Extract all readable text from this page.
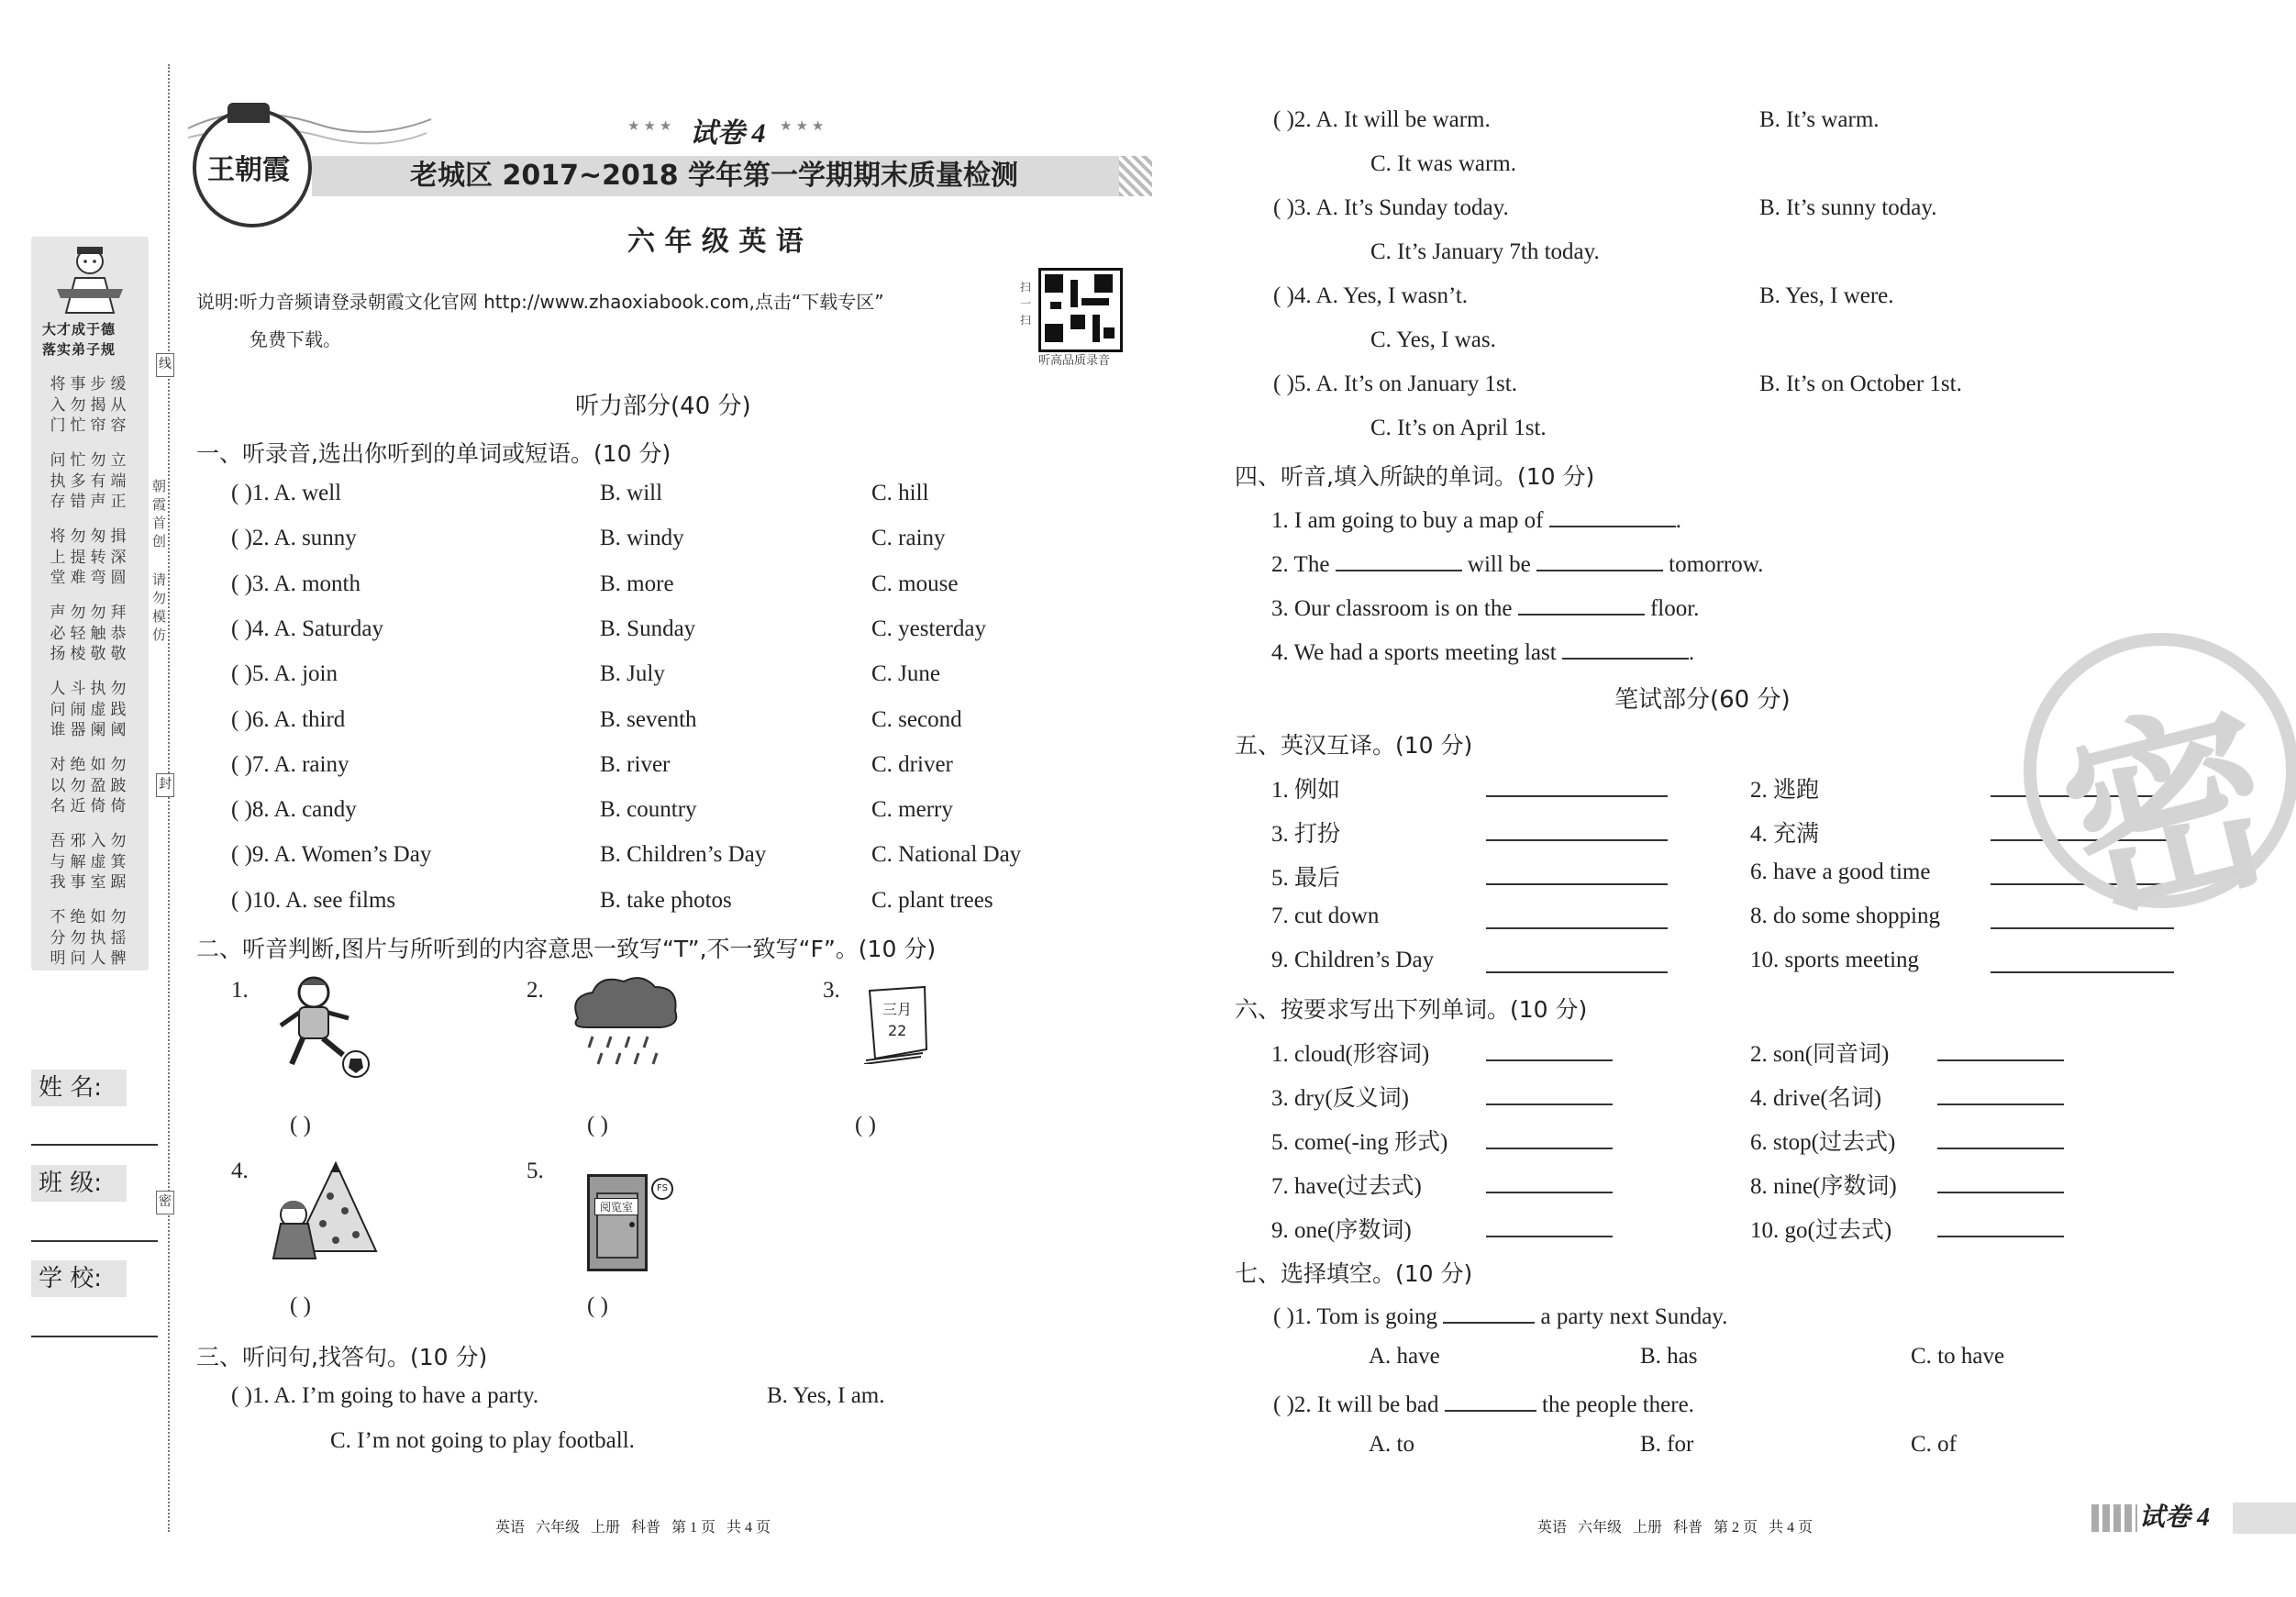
大才成于德
落实弟子规
将入门
事勿忙
步揭帘
缓从容
问执存
忙多错
勿有声
立端正
将上堂
勿提难
匆转弯
揖深圆
声必扬
勿轻棱
勿触敬
拜恭敬
人问谁
斗闹器
执虚阑
勿践阈
对以名
绝勿近
如盈倚
勿跛倚
吾与我
邪解事
入虚室
勿箕踞
不分明
绝勿问
如执人
勿揺髀
朝霞首创
请勿模仿
线
封
密
姓 名:
班 级:
学 校:
王朝霞
★★★ 试卷 4 ★★★
老城区 2017~2018 学年第一学期期末质量检测
六 年 级 英 语
说明:听力音频请登录朝霞文化官网 http://www.zhaoxiabook.com,点击“下载专区”
免费下载。
扫一扫
听高品质录音
听力部分(40 分)
一、听录音,选出你听到的单词或短语。(10 分)
( )1. A. well	B. will	C. hill
( )2. A. sunny	B. windy	C. rainy
( )3. A. month	B. more	C. mouse
( )4. A. Saturday	B. Sunday	C. yesterday
( )5. A. join	B. July	C. June
( )6. A. third	B. seventh	C. second
( )7. A. rainy	B. river	C. driver
( )8. A. candy	B. country	C. merry
( )9. A. Women’s Day	B. Children’s Day	C. National Day
( )10. A. see films	B. take photos	C. plant trees
二、听音判断,图片与所听到的内容意思一致写“T”,不一致写“F”。(10 分)
1.
( )
2.
( )
3.
三月
22
( )
4.
( )
5.
阅览室
FS
( )
三、听问句,找答句。(10 分)
( )1. A. I’m going to have a party.	B. Yes, I am.
C. I’m not going to play football.
英语   六年级   上册   科普   第 1 页   共 4 页
( )2. A. It will be warm.	B. It’s warm.
C. It was warm.
( )3. A. It’s Sunday today.	B. It’s sunny today.
C. It’s January 7th today.
( )4. A. Yes, I wasn’t.	B. Yes, I were.
C. Yes, I was.
( )5. A. It’s on January 1st.	B. It’s on October 1st.
C. It’s on April 1st.
四、听音,填入所缺的单词。(10 分)
1. I am going to buy a map of	.
2. The	will be	tomorrow.
3. Our classroom is on the	floor.
4. We had a sports meeting last	.
笔试部分(60 分)
五、英汉互译。(10 分)
1. 例如	2. 逃跑
3. 打扮	4. 充满
5. 最后	6. have a good time
7. cut down	8. do some shopping
9. Children’s Day	10. sports meeting
六、按要求写出下列单词。(10 分)
1. cloud(形容词)	2. son(同音词)
3. dry(反义词)	4. drive(名词)
5. come(-ing 形式)	6. stop(过去式)
7. have(过去式)	8. nine(序数词)
9. one(序数词)	10. go(过去式)
七、选择填空。(10 分)
( )1. Tom is going	a party next Sunday.
A. have	B. has	C. to have
( )2. It will be bad	the people there.
A. to	B. for	C. of
英语   六年级   上册   科普   第 2 页   共 4 页
密
试卷 4
